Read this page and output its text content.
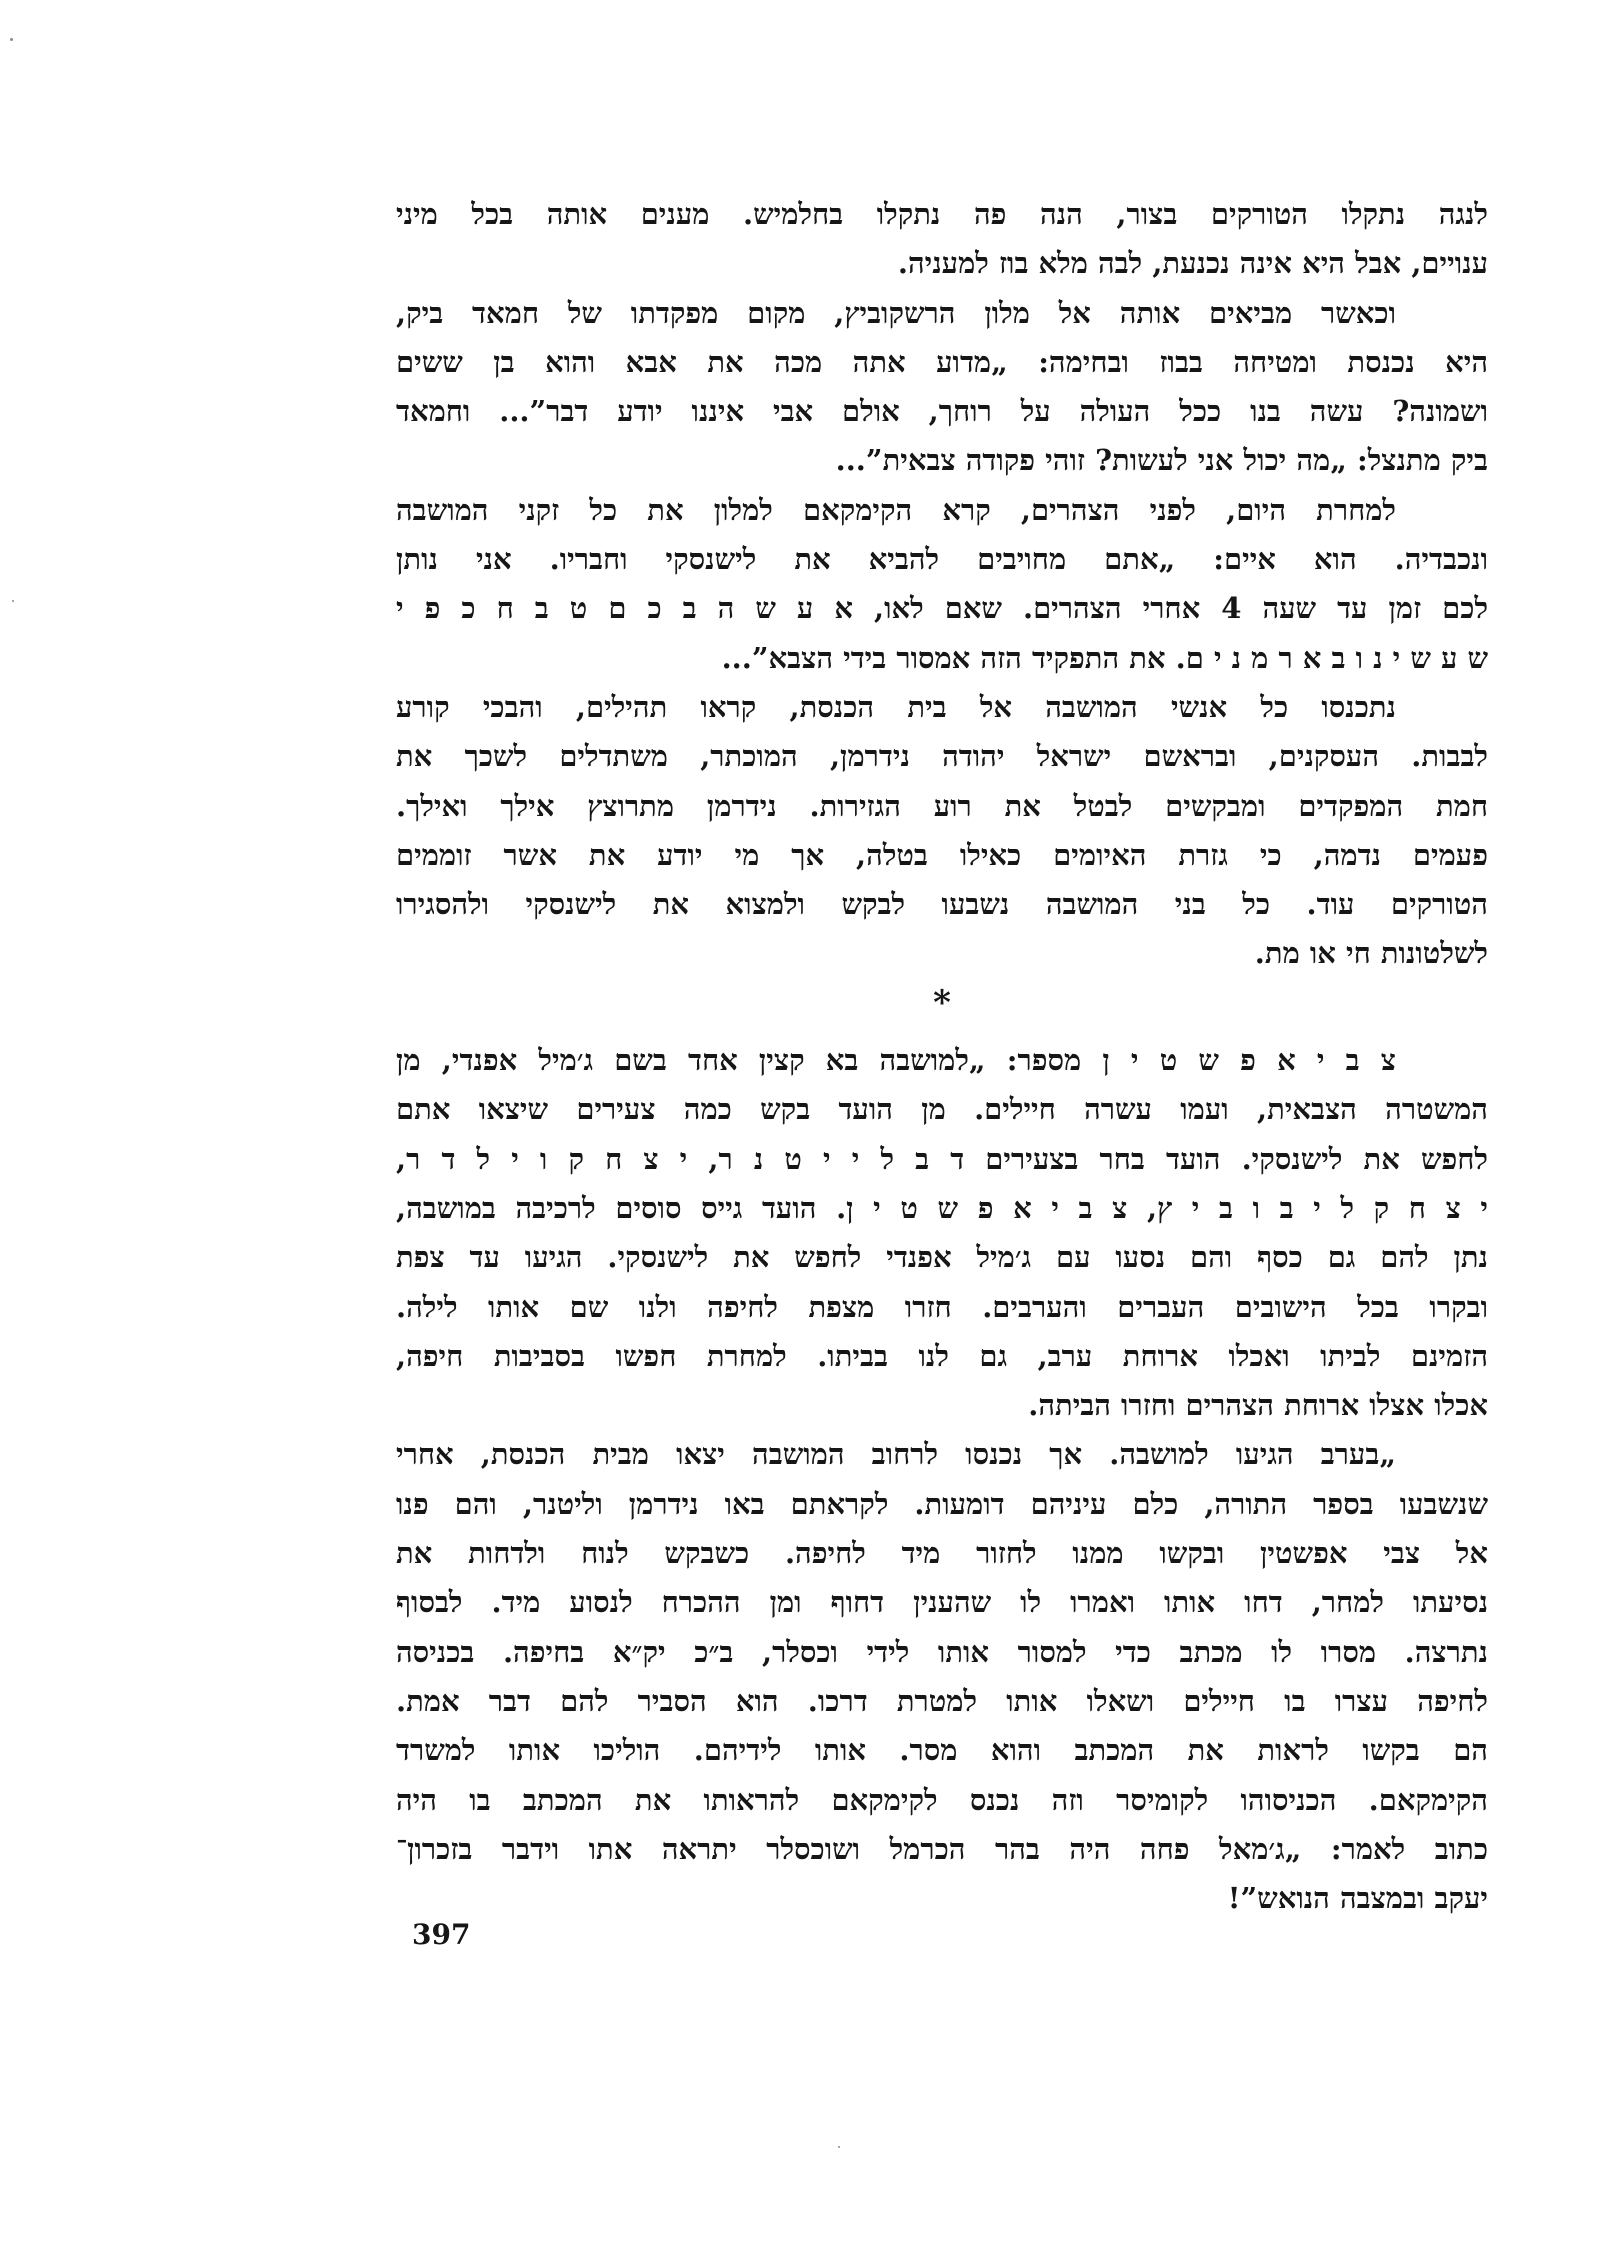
לנגה נתקלו הטורקים בצור, הנה פה נתקלו בחלמיש. מענים אותה בכל מיני
ענויים, אבל היא אינה נכנעת, לבה מלא בוז למעניה.

וכאשר מביאים אותה אל מלון הרשקוביץ, מקום מפקדתו של חמאד ביק,
היא נכנסת ומטיחה בבוז ובחימה: „מדוע אתה מכה את אבא והוא בן ששים
ושמונה? עשה בנו ככל העולה על רוחך, אולם אבי איננו יודע דבר”... וחמאד
ביק מתנצל: „מה יכול אני לעשות? זוהי פקודה צבאית”...

למחרת היום, לפני הצהרים, קרא הקימקאם למלון את כל זקני המושבה
ונכבדיה. הוא איים: „אתם מחויבים להביא את לישנסקי וחבריו. אני נותן
לכם זמן עד שעה 4 אחרי הצהרים. שאם לאו, א ע ש ה ב כ ם ט ב ח כ פ י
ש ע ש י נ ו ב א ר מ נ י ם. את התפקיד הזה אמסור בידי הצבא”...

נתכנסו כל אנשי המושבה אל בית הכנסת, קראו תהילים, והבכי קורע
לבבות. העסקנים, ובראשם ישראל יהודה נידרמן, המוכתר, משתדלים לשכך את
חמת המפקדים ומבקשים לבטל את רוע הגזירות. נידרמן מתרוצץ אילך ואילך.
פעמים נדמה, כי גזרת האיומים כאילו בטלה, אך מי יודע את אשר זוממים
הטורקים עוד. כל בני המושבה נשבעו לבקש ולמצוא את לישנסקי ולהסגירו
לשלטונות חי או מת.

*

צ ב י א פ ש ט י ן מספר: „למושבה בא קצין אחד בשם ג׳מיל אפנדי, מן
המשטרה הצבאית, ועמו עשרה חיילים. מן הועד בקש כמה צעירים שיצאו אתם
לחפש את לישנסקי. הועד בחר בצעירים ד ב ל י י ט נ ר, י צ ח ק ו י ל ד ר,
י צ ח ק ל י ב ו ב י ץ, צ ב י א פ ש ט י ן. הועד גייס סוסים לרכיבה במושבה,
נתן להם גם כסף והם נסעו עם ג׳מיל אפנדי לחפש את לישנסקי. הגיעו עד צפת
ובקרו בכל הישובים העברים והערבים. חזרו מצפת לחיפה ולנו שם אותו לילה.
הזמינם לביתו ואכלו ארוחת ערב, גם לנו בביתו. למחרת חפשו בסביבות חיפה,
אכלו אצלו ארוחת הצהרים וחזרו הביתה.

„בערב הגיעו למושבה. אך נכנסו לרחוב המושבה יצאו מבית הכנסת, אחרי
שנשבעו בספר התורה, כלם עיניהם דומעות. לקראתם באו נידרמן וליטנר, והם פנו
אל צבי אפשטין ובקשו ממנו לחזור מיד לחיפה. כשבקש לנוח ולדחות את
נסיעתו למחר, דחו אותו ואמרו לו שהענין דחוף ומן ההכרח לנסוע מיד. לבסוף
נתרצה. מסרו לו מכתב כדי למסור אותו לידי וכסלר, ב״כ יק״א בחיפה. בכניסה
לחיפה עצרו בו חיילים ושאלו אותו למטרת דרכו. הוא הסביר להם דבר אמת.
הם בקשו לראות את המכתב והוא מסר. אותו לידיהם. הוליכו אותו למשרד
הקימקאם. הכניסוהו לקומיסר וזה נכנס לקימקאם להראותו את המכתב בו היה
כתוב לאמר: „ג׳מאל פחה היה בהר הכרמל ושוכסלר יתראה אתו וידבר בזכרון־
יעקב ובמצבה הנואש”!

397
